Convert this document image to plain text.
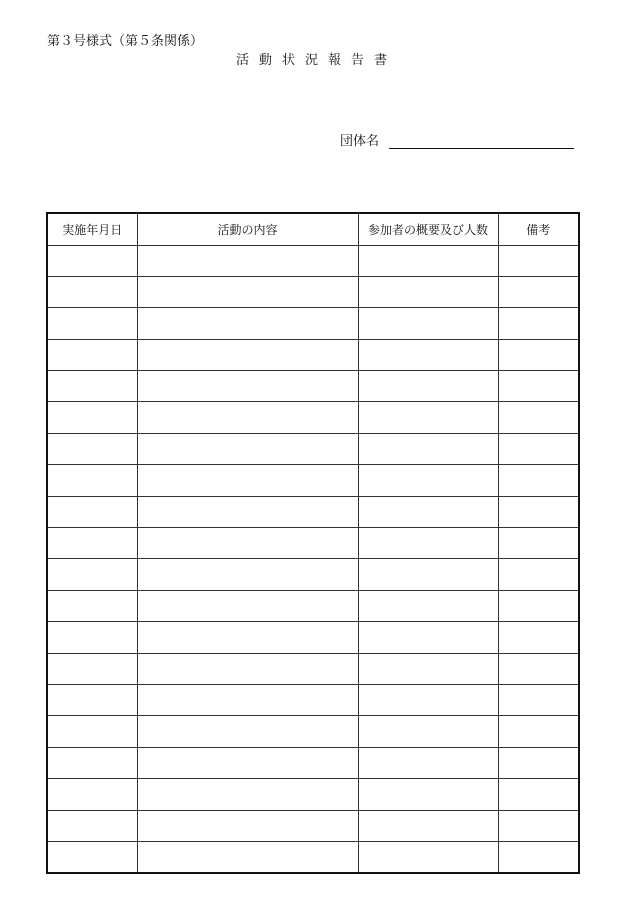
第３号様式（第５条関係）
活動状況報告書
団体名
実施年月日	活動の内容	参加者の概要及び人数	備考
